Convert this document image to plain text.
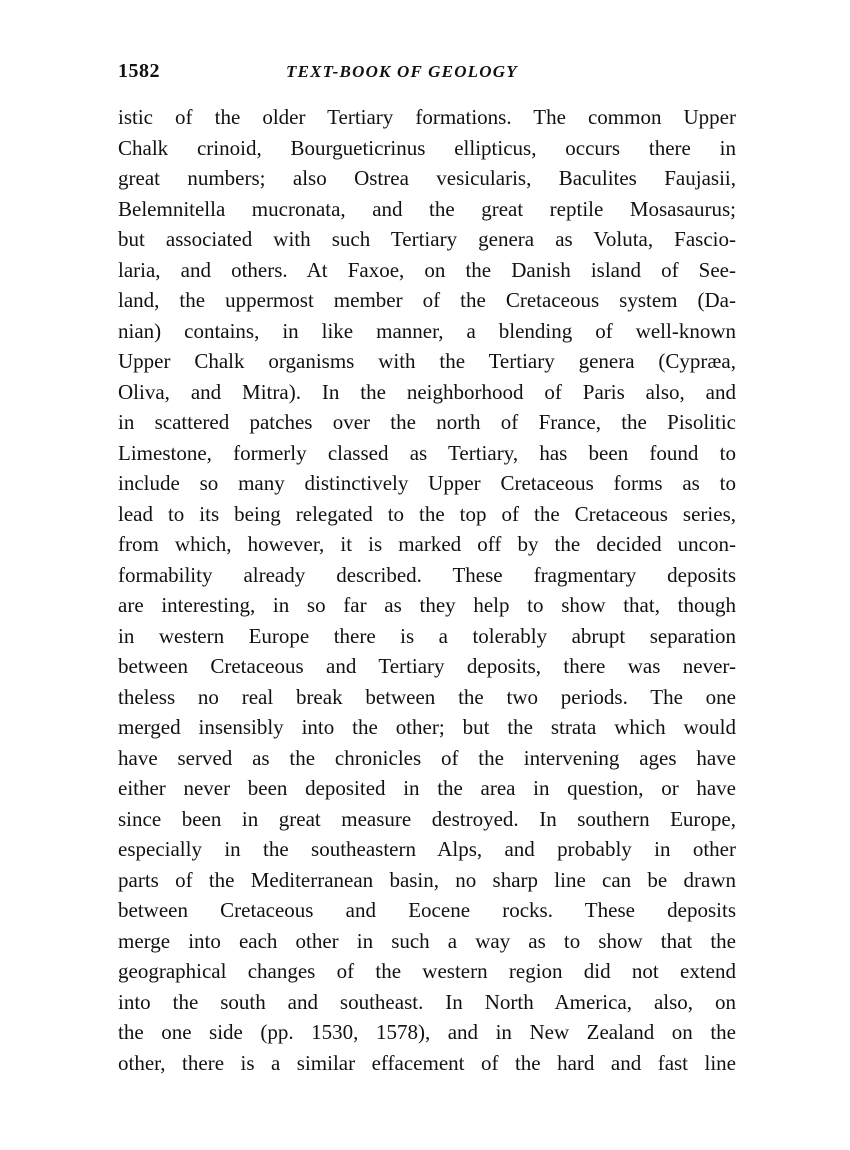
1582	TEXT-BOOK OF GEOLOGY
istic of the older Tertiary formations. The common Upper
Chalk crinoid, Bourgueticrinus ellipticus, occurs there in
great numbers; also Ostrea vesicularis, Baculites Faujasii,
Belemnitella mucronata, and the great reptile Mosasaurus;
but associated with such Tertiary genera as Voluta, Fascio-
laria, and others. At Faxoe, on the Danish island of See-
land, the uppermost member of the Cretaceous system (Da-
nian) contains, in like manner, a blending of well-known
Upper Chalk organisms with the Tertiary genera (Cypræa,
Oliva, and Mitra). In the neighborhood of Paris also, and
in scattered patches over the north of France, the Pisolitic
Limestone, formerly classed as Tertiary, has been found to
include so many distinctively Upper Cretaceous forms as to
lead to its being relegated to the top of the Cretaceous series,
from which, however, it is marked off by the decided uncon-
formability already described. These fragmentary deposits
are interesting, in so far as they help to show that, though
in western Europe there is a tolerably abrupt separation
between Cretaceous and Tertiary deposits, there was never-
theless no real break between the two periods. The one
merged insensibly into the other; but the strata which would
have served as the chronicles of the intervening ages have
either never been deposited in the area in question, or have
since been in great measure destroyed. In southern Europe,
especially in the southeastern Alps, and probably in other
parts of the Mediterranean basin, no sharp line can be drawn
between Cretaceous and Eocene rocks. These deposits
merge into each other in such a way as to show that the
geographical changes of the western region did not extend
into the south and southeast. In North America, also, on
the one side (pp. 1530, 1578), and in New Zealand on the
other, there is a similar effacement of the hard and fast line
